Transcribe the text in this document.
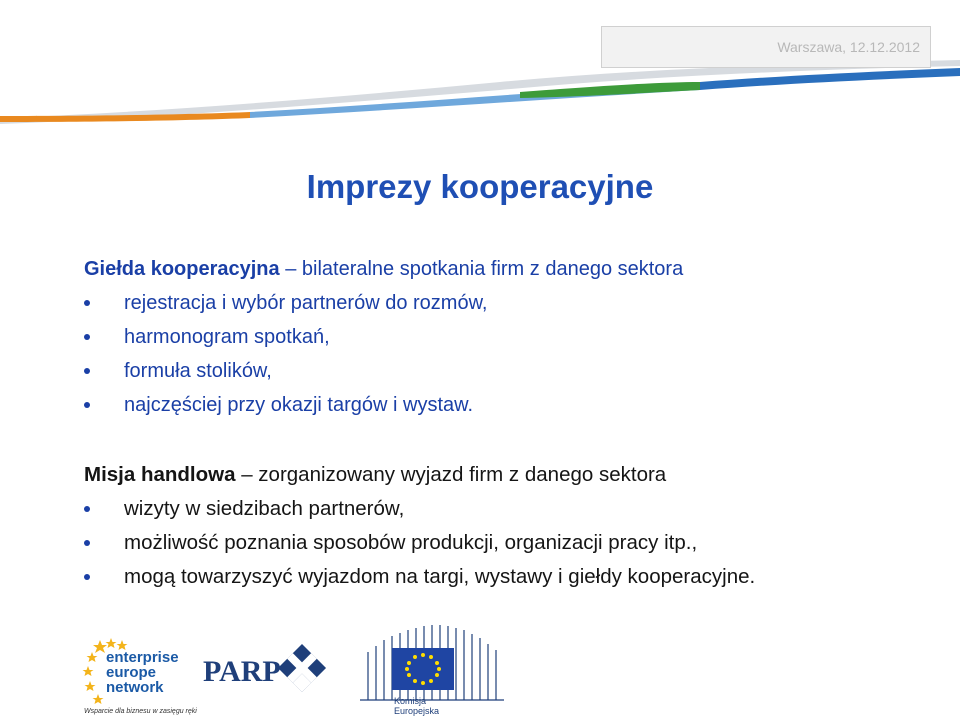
Warszawa, 12.12.2012
Imprezy kooperacyjne
Giełda kooperacyjna – bilateralne spotkania firm z danego sektora
rejestracja i wybór partnerów do rozmów,
harmonogram spotkań,
formuła stolików,
najczęściej przy okazji targów i wystaw.
Misja handlowa – zorganizowany wyjazd firm z danego sektora
wizyty w siedzibach partnerów,
możliwość poznania sposobów produkcji, organizacji pracy itp.,
mogą towarzyszyć wyjazdom na targi, wystawy i giełdy kooperacyjne.
enterprise
europe
network PARP
Komisja
Europejska
Wsparcie dla biznesu w zasięgu ręki
